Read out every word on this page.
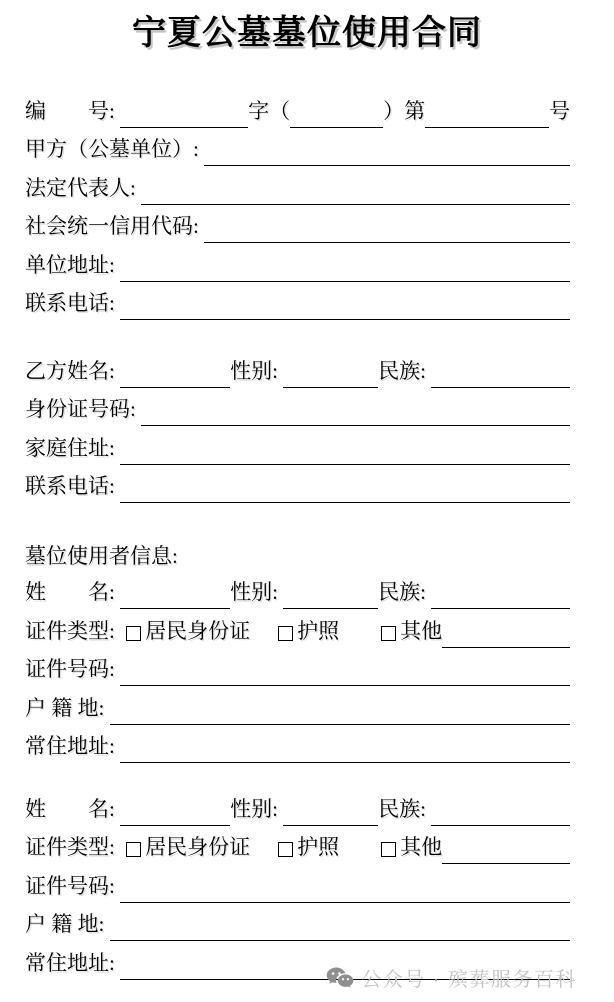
宁夏公墓墓位使用合同
编　　号:	字（	）第	号
甲方（公墓单位）:
法定代表人:
社会统一信用代码:
单位地址:
联系电话:
乙方姓名:	性别:	民族:
身份证号码:
家庭住址:
联系电话:
墓位使用者信息:
姓　　名:	性别:	民族:
证件类型: 居民身份证 护照	其他
证件号码:
户 籍 地:
常住地址:
姓　　名:	性别:	民族:
证件类型: 居民身份证 护照	其他
证件号码:
户 籍 地:
常住地址:
公众号 · 殡葬服务百科
